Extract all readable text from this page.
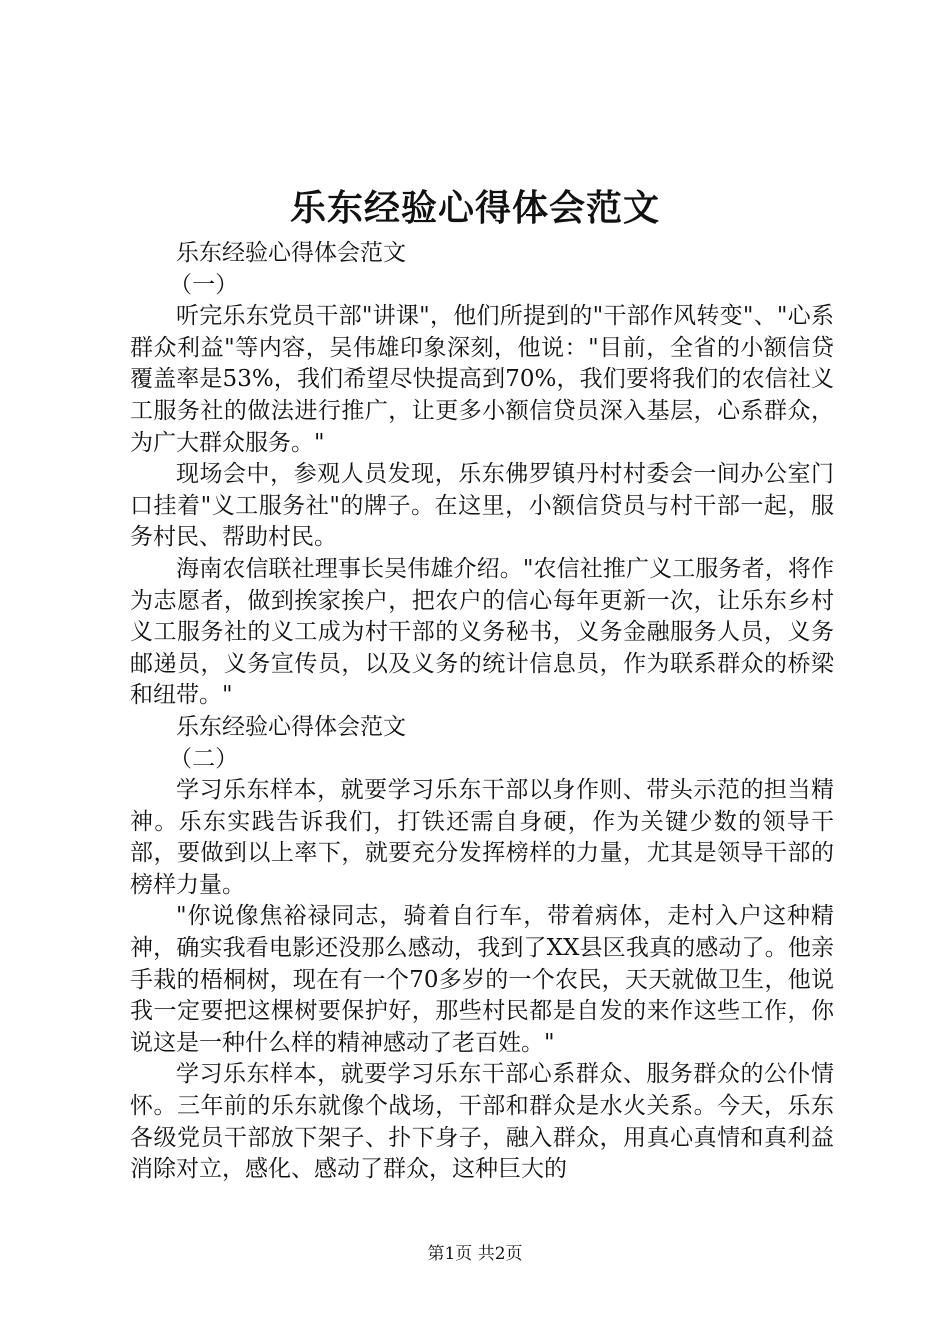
乐东经验心得体会范文

乐东经验心得体会范文

（一）

听完乐东党员干部"讲课"，他们所提到的"干部作风转变"、"心系群众利益"等内容，吴伟雄印象深刻，他说："目前，全省的小额信贷覆盖率是53%，我们希望尽快提高到70%，我们要将我们的农信社义工服务社的做法进行推广，让更多小额信贷员深入基层，心系群众，为广大群众服务。"

现场会中，参观人员发现，乐东佛罗镇丹村村委会一间办公室门口挂着"义工服务社"的牌子。在这里，小额信贷员与村干部一起，服务村民、帮助村民。

海南农信联社理事长吴伟雄介绍。"农信社推广义工服务者，将作为志愿者，做到挨家挨户，把农户的信心每年更新一次，让乐东乡村义工服务社的义工成为村干部的义务秘书，义务金融服务人员，义务邮递员，义务宣传员，以及义务的统计信息员，作为联系群众的桥梁和纽带。"

乐东经验心得体会范文

（二）

学习乐东样本，就要学习乐东干部以身作则、带头示范的担当精神。乐东实践告诉我们，打铁还需自身硬，作为关键少数的领导干部，要做到以上率下，就要充分发挥榜样的力量，尤其是领导干部的榜样力量。

"你说像焦裕禄同志，骑着自行车，带着病体，走村入户这种精神，确实我看电影还没那么感动，我到了XX县区我真的感动了。他亲手栽的梧桐树，现在有一个70多岁的一个农民，天天就做卫生，他说我一定要把这棵树要保护好，那些村民都是自发的来作这些工作，你说这是一种什么样的精神感动了老百姓。"

学习乐东样本，就要学习乐东干部心系群众、服务群众的公仆情怀。三年前的乐东就像个战场，干部和群众是水火关系。今天，乐东各级党员干部放下架子、扑下身子，融入群众，用真心真情和真利益消除对立，感化、感动了群众，这种巨大的

第1页 共2页
